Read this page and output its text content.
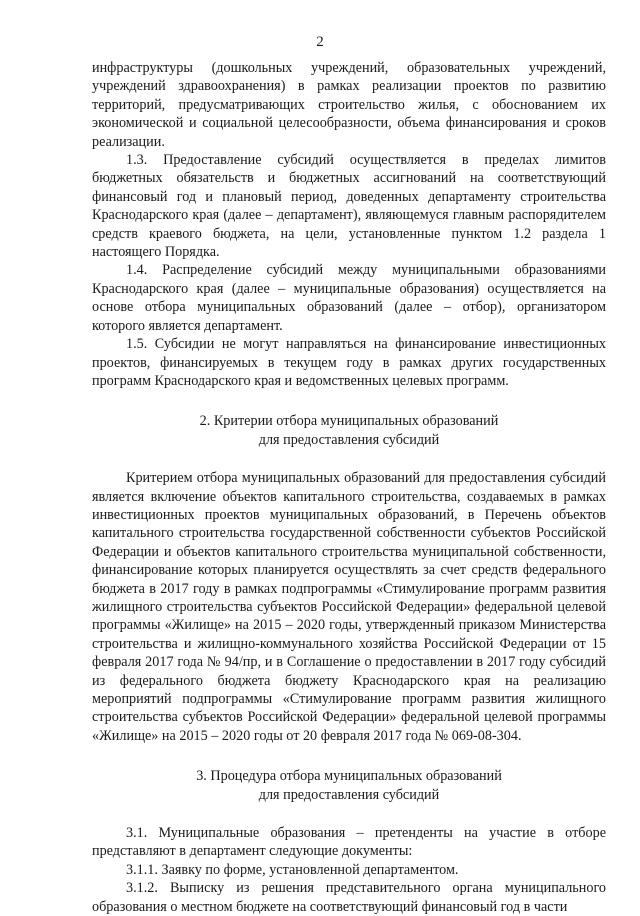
2

инфраструктуры (дошкольных учреждений, образовательных учреждений, учреждений здравоохранения) в рамках реализации проектов по развитию территорий, предусматривающих строительство жилья, с обоснованием их экономической и социальной целесообразности, объема финансирования и сроков реализации.

1.3. Предоставление субсидий осуществляется в пределах лимитов бюджетных обязательств и бюджетных ассигнований на соответствующий финансовый год и плановый период, доведенных департаменту строительства Краснодарского края (далее – департамент), являющемуся главным распорядителем средств краевого бюджета, на цели, установленные пунктом 1.2 раздела 1 настоящего Порядка.

1.4. Распределение субсидий между муниципальными образованиями Краснодарского края (далее – муниципальные образования) осуществляется на основе отбора муниципальных образований (далее – отбор), организатором которого является департамент.

1.5. Субсидии не могут направляться на финансирование инвестиционных проектов, финансируемых в текущем году в рамках других государственных программ Краснодарского края и ведомственных целевых программ.

2. Критерии отбора муниципальных образований
для предоставления субсидий

Критерием отбора муниципальных образований для предоставления субсидий является включение объектов капитального строительства, создаваемых в рамках инвестиционных проектов муниципальных образований, в Перечень объектов капитального строительства государственной собственности субъектов Российской Федерации и объектов капитального строительства муниципальной собственности, финансирование которых планируется осуществлять за счет средств федерального бюджета в 2017 году в рамках подпрограммы «Стимулирование программ развития жилищного строительства субъектов Российской Федерации» федеральной целевой программы «Жилище» на 2015 – 2020 годы, утвержденный приказом Министерства строительства и жилищно-коммунального хозяйства Российской Федерации от 15 февраля 2017 года № 94/пр, и в Соглашение о предоставлении в 2017 году субсидий из федерального бюджета бюджету Краснодарского края на реализацию мероприятий подпрограммы «Стимулирование программ развития жилищного строительства субъектов Российской Федерации» федеральной целевой программы «Жилище» на 2015 – 2020 годы от 20 февраля 2017 года № 069-08-304.

3. Процедура отбора муниципальных образований
для предоставления субсидий

3.1. Муниципальные образования – претенденты на участие в отборе представляют в департамент следующие документы:

3.1.1. Заявку по форме, установленной департаментом.

3.1.2. Выписку из решения представительного органа муниципального образования о местном бюджете на соответствующий финансовый год в части
